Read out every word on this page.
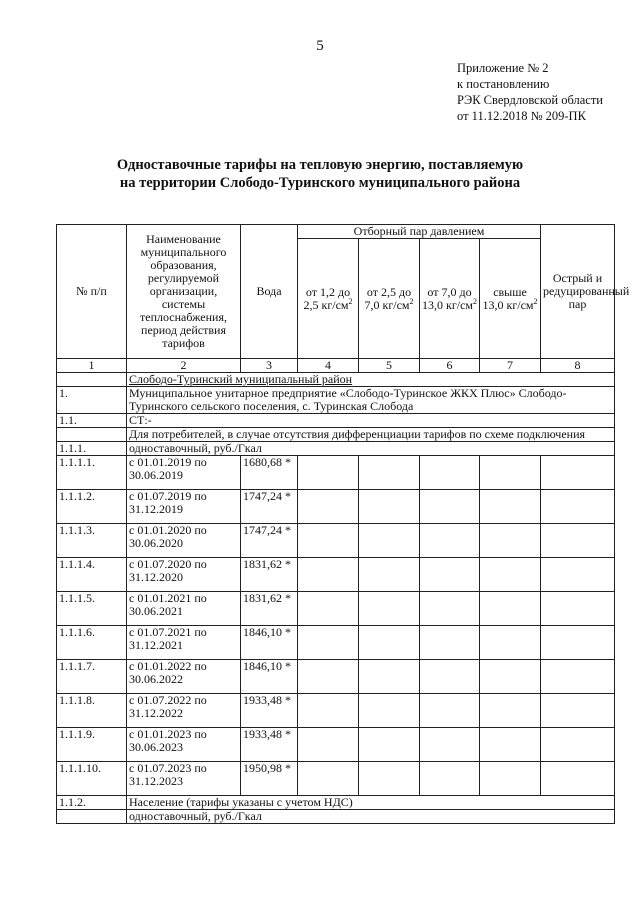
5
Приложение № 2
к постановлению
РЭК Свердловской области
от 11.12.2018 № 209-ПК
Одноставочные тарифы на тепловую энергию, поставляемую
на территории Слободо-Туринского муниципального района
№ п/п	Наименование муниципального образования, регулируемой организации, системы теплоснабжения, период действия тарифов	Вода	Отборный пар давлением				Острый и редуцированный пар
			от 1,2 до 2,5 $кг/см^2$	от 2,5 до 7,0 $кг/см^2$	от 7,0 до 13,0 $кг/см^2$	свыше 13,0 $кг/см^2$
1	2	3	4	5	6	7	8
	Слободо-Туринский муниципальный район						
1.	Муниципальное унитарное предприятие «Слободо-Туринское ЖКХ Плюс» Слободо-Туринского сельского поселения, с. Туринская Слобода						
1.1.	СТ:-						
	Для потребителей, в случае отсутствия дифференциации тарифов по схеме подключения						
1.1.1.	одноставочный, руб./Гкал						
1.1.1.1.	с 01.01.2019 по 30.06.2019	1680,68 *					
1.1.1.2.	с 01.07.2019 по 31.12.2019	1747,24 *					
1.1.1.3.	с 01.01.2020 по 30.06.2020	1747,24 *					
1.1.1.4.	с 01.07.2020 по 31.12.2020	1831,62 *					
1.1.1.5.	с 01.01.2021 по 30.06.2021	1831,62 *					
1.1.1.6.	с 01.07.2021 по 31.12.2021	1846,10 *					
1.1.1.7.	с 01.01.2022 по 30.06.2022	1846,10 *					
1.1.1.8.	с 01.07.2022 по 31.12.2022	1933,48 *					
1.1.1.9.	с 01.01.2023 по 30.06.2023	1933,48 *					
1.1.1.10.	с 01.07.2023 по 31.12.2023	1950,98 *					
1.1.2.	Население (тарифы указаны с учетом НДС)						
	одноставочный, руб./Гкал						
